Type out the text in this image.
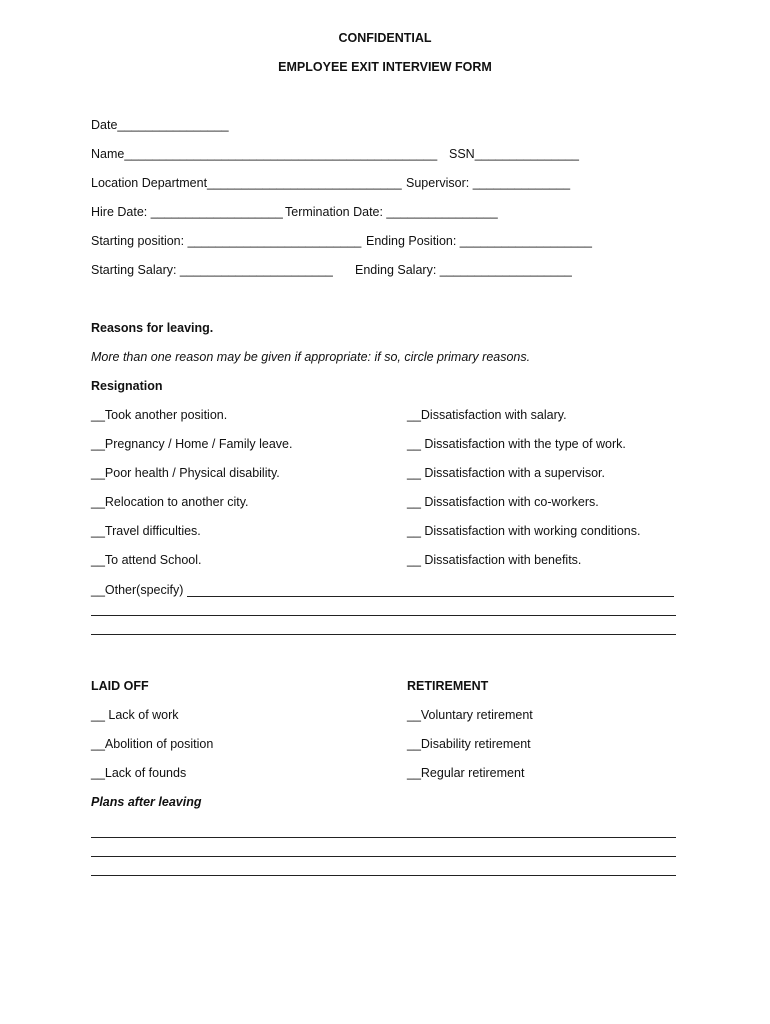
CONFIDENTIAL
EMPLOYEE EXIT INTERVIEW FORM
Date________________
Name_____________________________________________ SSN_______________
Location Department____________________________ Supervisor: ______________
Hire Date: ___________________ Termination Date: ________________
Starting position: _________________________ Ending Position: ___________________
Starting Salary: ______________________ Ending Salary: ___________________
Reasons for leaving.
More than one reason may be given if appropriate: if so, circle primary reasons.
Resignation
__Took another position.
__Pregnancy / Home / Family leave.
__Poor health / Physical disability.
__Relocation to another city.
__Travel difficulties.
__To attend School.
__Dissatisfaction with salary.
__ Dissatisfaction with the type of work.
__ Dissatisfaction with a supervisor.
__ Dissatisfaction with co-workers.
__ Dissatisfaction with working conditions.
__ Dissatisfaction with benefits.
__Other(specify)
LAID OFF	RETIREMENT
__ Lack of work
__Abolition of position
__Lack of founds
__Voluntary retirement
__Disability retirement
__Regular retirement
Plans after leaving
